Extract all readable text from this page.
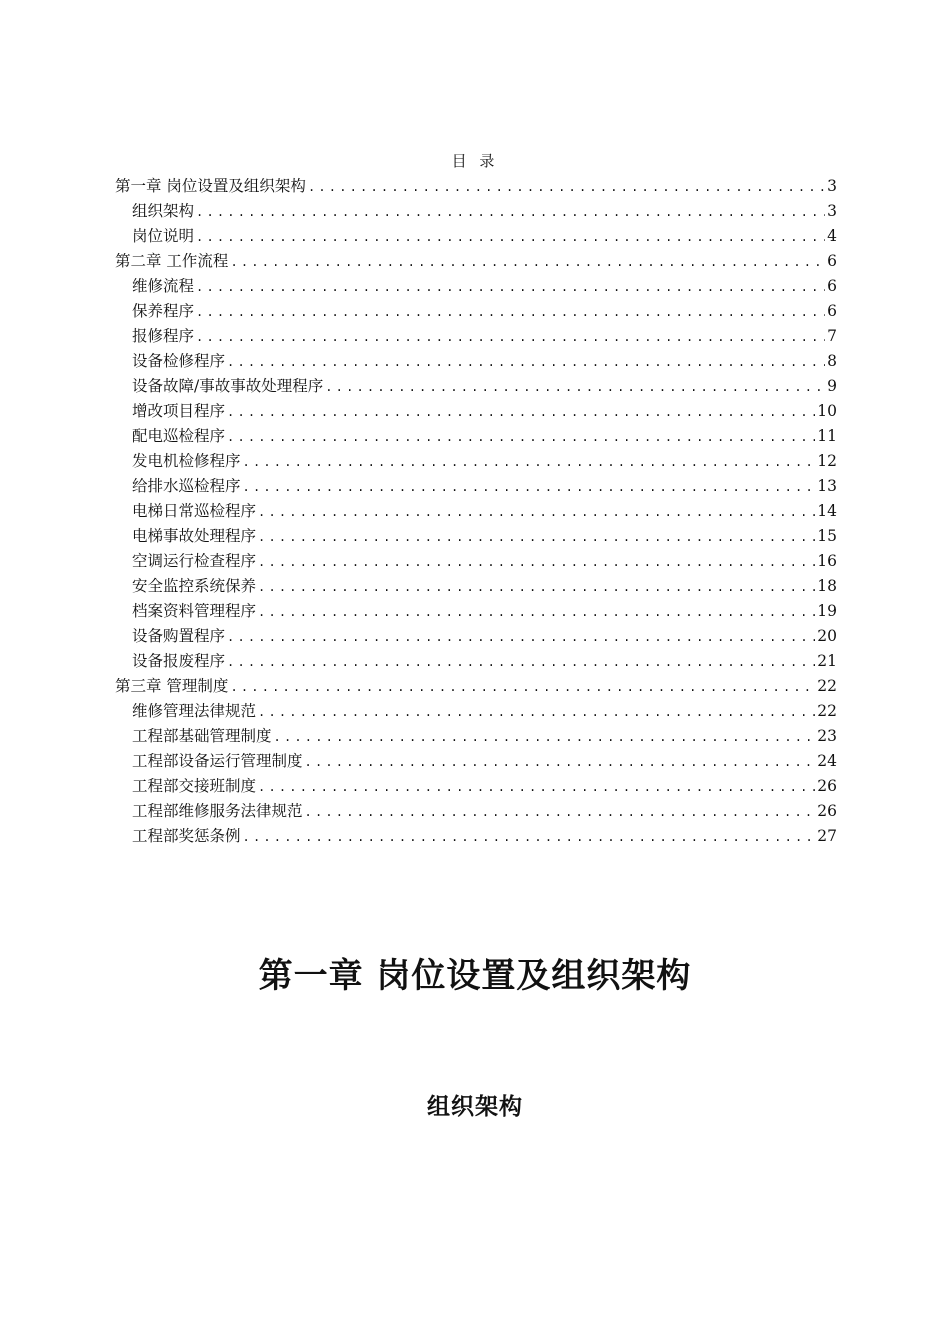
目 录
第一章 岗位设置及组织架构 .....	3
组织架构 .....	3
岗位说明 .....	4
第二章 工作流程 .....	6
维修流程 .....	6
保养程序 .....	6
报修程序 .....	7
设备检修程序 .....	8
设备故障/事故事故处理程序 .....	9
增改项目程序 .....	10
配电巡检程序 .....	11
发电机检修程序 .....	12
给排水巡检程序 .....	13
电梯日常巡检程序 .....	14
电梯事故处理程序 .....	15
空调运行检查程序 .....	16
安全监控系统保养 .....	18
档案资料管理程序 .....	19
设备购置程序 .....	20
设备报废程序 .....	21
第三章 管理制度 .....	22
维修管理法律规范 .....	22
工程部基础管理制度 .....	23
工程部设备运行管理制度 .....	24
工程部交接班制度 .....	26
工程部维修服务法律规范 .....	26
工程部奖惩条例 .....	27
第一章 岗位设置及组织架构
组织架构
